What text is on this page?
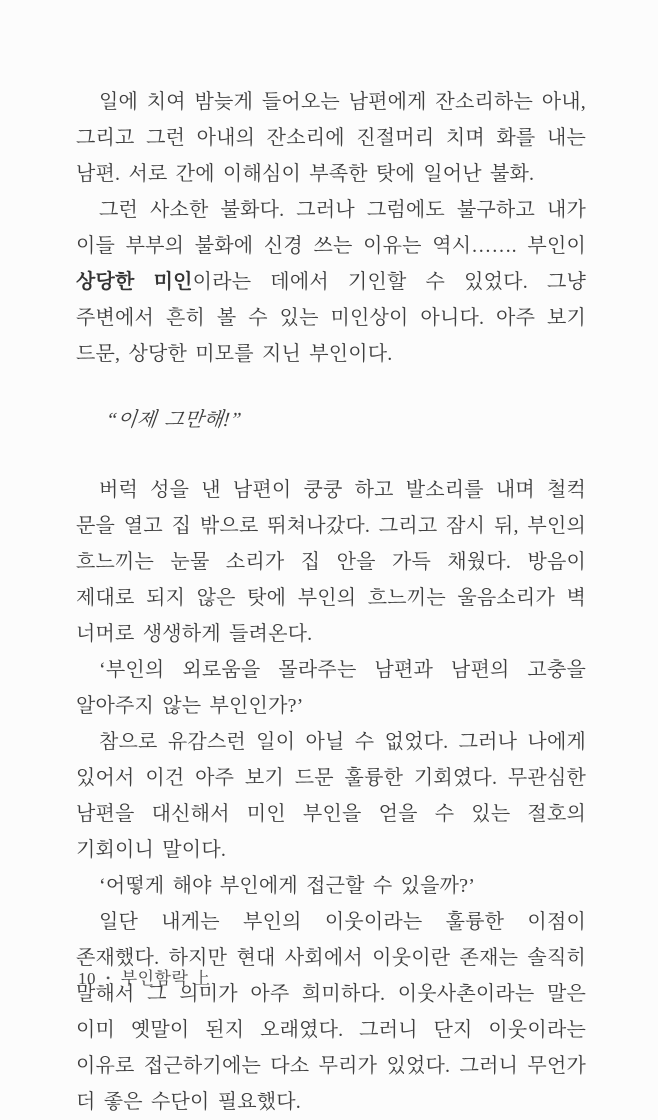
일에 치여 밤늦게 들어오는 남편에게 잔소리하는 아내, 그리고 그런 아내의 잔소리에 진절머리 치며 화를 내는 남편. 서로 간에 이해심이 부족한 탓에 일어난 불화.

그런 사소한 불화다. 그러나 그럼에도 불구하고 내가 이들 부부의 불화에 신경 쓰는 이유는 역시……. 부인이 상당한 미인이라는 데에서 기인할 수 있었다. 그냥 주변에서 흔히 볼 수 있는 미인상이 아니다. 아주 보기 드문, 상당한 미모를 지닌 부인이다.

“이제 그만해!”

버럭 성을 낸 남편이 쿵쿵 하고 발소리를 내며 철컥 문을 열고 집 밖으로 뛰쳐나갔다. 그리고 잠시 뒤, 부인의 흐느끼는 눈물 소리가 집 안을 가득 채웠다. 방음이 제대로 되지 않은 탓에 부인의 흐느끼는 울음소리가 벽 너머로 생생하게 들려온다.

‘부인의 외로움을 몰라주는 남편과 남편의 고충을 알아주지 않는 부인인가?’

참으로 유감스런 일이 아닐 수 없었다. 그러나 나에게 있어서 이건 아주 보기 드문 훌륭한 기회였다. 무관심한 남편을 대신해서 미인 부인을 얻을 수 있는 절호의 기회이니 말이다.

‘어떻게 해야 부인에게 접근할 수 있을까?’

일단 내게는 부인의 이웃이라는 훌륭한 이점이 존재했다. 하지만 현대 사회에서 이웃이란 존재는 솔직히 말해서 그 의미가 아주 희미하다. 이웃사촌이라는 말은 이미 옛말이 된지 오래였다. 그러니 단지 이웃이라는 이유로 접근하기에는 다소 무리가 있었다. 그러니 무언가 더 좋은 수단이 필요했다.

10 • 부인함락 上
